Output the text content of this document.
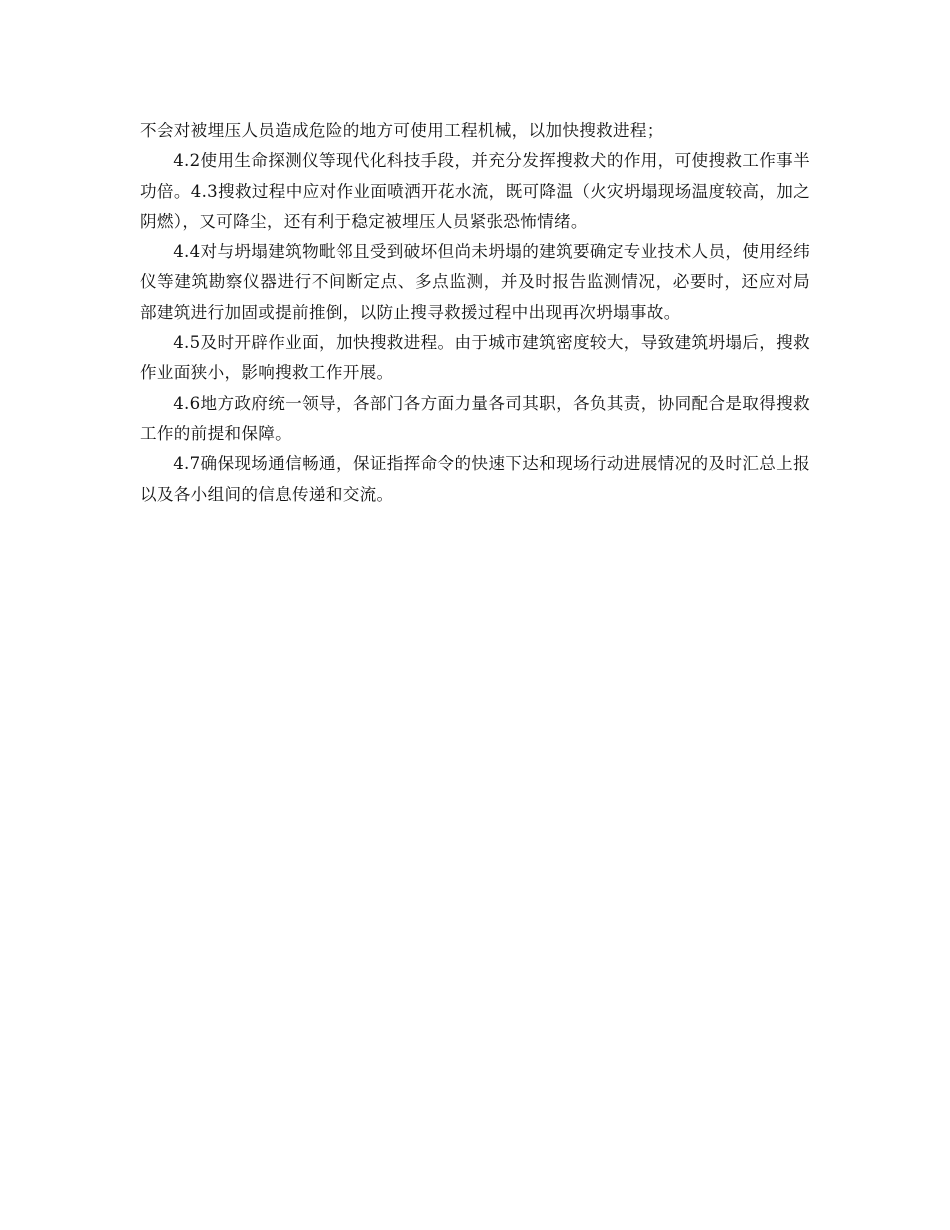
不会对被埋压人员造成危险的地方可使用工程机械，以加快搜救进程；

4.2使用生命探测仪等现代化科技手段，并充分发挥搜救犬的作用，可使搜救工作事半功倍。4.3搜救过程中应对作业面喷洒开花水流，既可降温（火灾坍塌现场温度较高，加之阴燃），又可降尘，还有利于稳定被埋压人员紧张恐怖情绪。

4.4对与坍塌建筑物毗邻且受到破坏但尚未坍塌的建筑要确定专业技术人员，使用经纬仪等建筑勘察仪器进行不间断定点、多点监测，并及时报告监测情况，必要时，还应对局部建筑进行加固或提前推倒，以防止搜寻救援过程中出现再次坍塌事故。

4.5及时开辟作业面，加快搜救进程。由于城市建筑密度较大，导致建筑坍塌后，搜救作业面狭小，影响搜救工作开展。

4.6地方政府统一领导，各部门各方面力量各司其职，各负其责，协同配合是取得搜救工作的前提和保障。

4.7确保现场通信畅通，保证指挥命令的快速下达和现场行动进展情况的及时汇总上报以及各小组间的信息传递和交流。
